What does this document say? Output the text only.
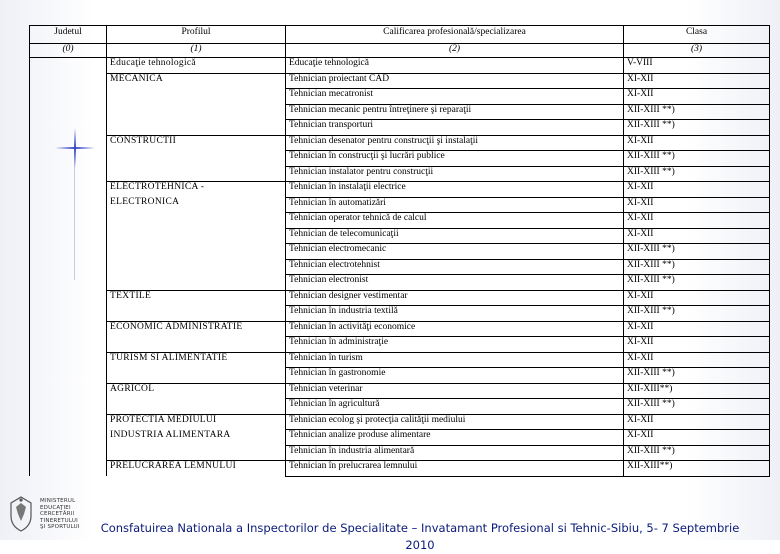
Judetul	Profilul	Calificarea profesională/specializarea	Clasa
(0)	(1)	(2)	(3)
	Educaţie tehnologică	Educaţie tehnologică	V-VIII
	MECANICA	Tehnician proiectant CAD	XI-XII
		Tehnician mecatronist	XI-XII
		Tehnician mecanic pentru întreţinere şi reparaţii	XII-XIII **)
		Tehnician transporturi	XII-XIII **)
	CONSTRUCTII	Tehnician desenator pentru construcţii şi instalaţii	XI-XII
		Tehnician în construcţii şi lucrări publice	XII-XIII **)
		Tehnician instalator pentru construcţii	XII-XIII **)
	ELECTROTEHNICA -	Tehnician în instalaţii electrice	XI-XII
	ELECTRONICA	Tehnician în automatizări	XI-XII
		Tehnician operator tehnică de calcul	XI-XII
		Tehnician de telecomunicaţii	XI-XII
		Tehnician electromecanic	XII-XIII **)
		Tehnician electrotehnist	XII-XIII **)
		Tehnician electronist	XII-XIII **)
	TEXTILE	Tehnician designer vestimentar	XI-XII
		Tehnician în industria textilă	XII-XIII **)
	ECONOMIC ADMINISTRATIE	Tehnician în activităţi economice	XI-XII
		Tehnician în administraţie	XI-XII
	TURISM SI ALIMENTATIE	Tehnician în turism	XI-XII
		Tehnician în gastronomie	XII-XIII **)
	AGRICOL	Tehnician veterinar	XII-XIII**)
		Tehnician în agricultură	XII-XIII **)
	PROTECTIA MEDIULUI	Tehnician ecolog şi protecţia calităţii mediului	XI-XII
	INDUSTRIA ALIMENTARĂ	Tehnician analize produse alimentare	XI-XII
		Tehnician în industria alimentară	XII-XIII **)
	PRELUCRAREA LEMNULUI	Tehnician în prelucrarea lemnului	XII-XIII**)
MINISTERUL
EDUCAŢIEI
CERCETĂRII
TINERETULUI
ŞI SPORTULUI Consfatuirea Nationala a Inspectorilor de Specialitate – Invatamant Profesional si Tehnic-Sibiu, 5- 7 Septembrie
2010
